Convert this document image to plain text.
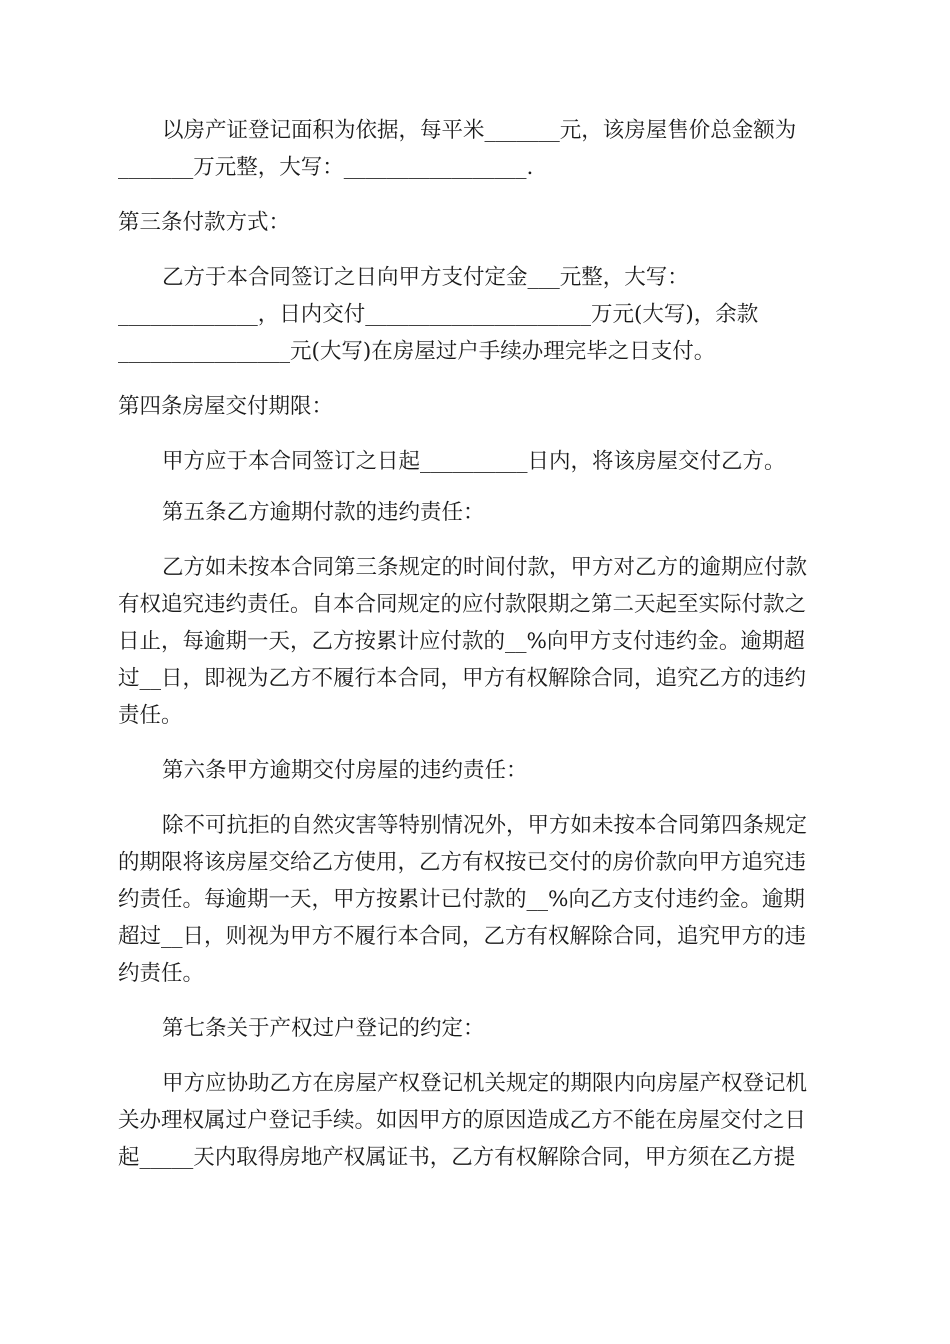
以房产证登记面积为依据，每平米_______元，该房屋售价总金额为
_______万元整，大写：_________________.

第三条付款方式：

乙方于本合同签订之日向甲方支付定金___元整，大写：
_____________，日内交付_____________________万元(大写)，余款
________________元(大写)在房屋过户手续办理完毕之日支付。

第四条房屋交付期限：

甲方应于本合同签订之日起__________日内，将该房屋交付乙方。

第五条乙方逾期付款的违约责任：

乙方如未按本合同第三条规定的时间付款，甲方对乙方的逾期应付款
有权追究违约责任。自本合同规定的应付款限期之第二天起至实际付款之
日止，每逾期一天，乙方按累计应付款的__%向甲方支付违约金。逾期超
过__日，即视为乙方不履行本合同，甲方有权解除合同，追究乙方的违约
责任。

第六条甲方逾期交付房屋的违约责任：

除不可抗拒的自然灾害等特别情况外，甲方如未按本合同第四条规定
的期限将该房屋交给乙方使用，乙方有权按已交付的房价款向甲方追究违
约责任。每逾期一天，甲方按累计已付款的__%向乙方支付违约金。逾期
超过__日，则视为甲方不履行本合同，乙方有权解除合同，追究甲方的违
约责任。

第七条关于产权过户登记的约定：

甲方应协助乙方在房屋产权登记机关规定的期限内向房屋产权登记机
关办理权属过户登记手续。如因甲方的原因造成乙方不能在房屋交付之日
起_____天内取得房地产权属证书，乙方有权解除合同，甲方须在乙方提
